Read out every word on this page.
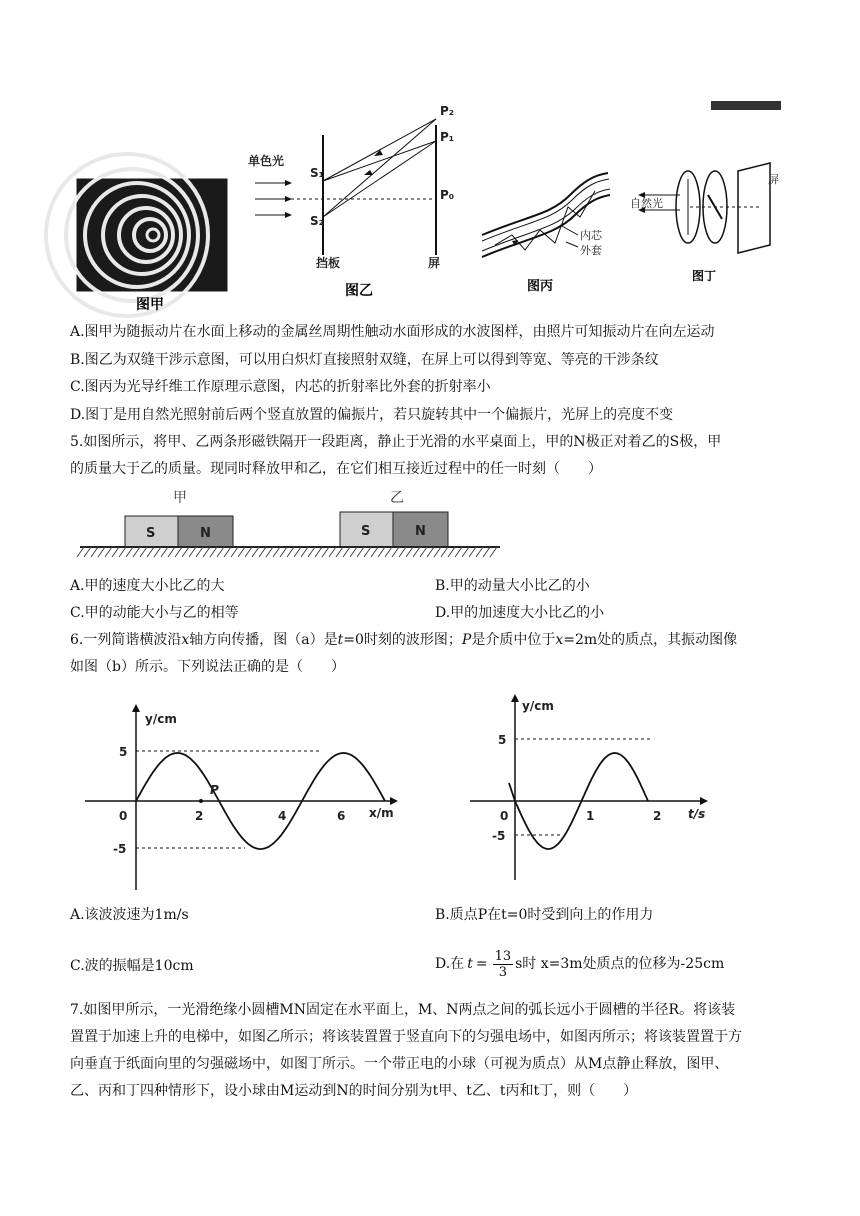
单色光
S₁
S₂
P₂
P₁
P₀
挡板	屏
内芯
外套
自然光
屏
图甲
图乙	图丙
图丁
A.图甲为随振动片在水面上移动的金属丝周期性触动水面形成的水波图样，由照片可知振动片在向左运动
B.图乙为双缝干涉示意图，可以用白炽灯直接照射双缝，在屏上可以得到等宽、等亮的干涉条纹
C.图丙为光导纤维工作原理示意图，内芯的折射率比外套的折射率小
D.图丁是用自然光照射前后两个竖直放置的偏振片，若只旋转其中一个偏振片，光屏上的亮度不变
5.如图所示，将甲、乙两条形磁铁隔开一段距离，静止于光滑的水平桌面上，甲的N极正对着乙的S极，甲
的质量大于乙的质量。现同时释放甲和乙，在它们相互接近过程中的任一时刻（　　）
甲	乙
S	N	S	N
A.甲的速度大小比乙的大	B.甲的动量大小比乙的小
C.甲的动能大小与乙的相等	D.甲的加速度大小比乙的小
6.一列简谐横波沿x轴方向传播，图（a）是t=0时刻的波形图；P是介质中位于x=2m处的质点，其振动图像
如图（b）所示。下列说法正确的是（　　）
y/cm
x/m
5
-5
0	2	4	6
P
y/cm
t/s
5
-5
0	1	2
A.该波波速为1m/s	B.质点P在t=0时受到向上的作用力
C.波的振幅是10cm	D.在 $t = \frac{13}{3}$ s时 x=3m处质点的位移为-25cm
7.如图甲所示，一光滑绝缘小圆槽MN固定在水平面上，M、N两点之间的弧长远小于圆槽的半径R。将该装
置置于加速上升的电梯中，如图乙所示；将该装置置于竖直向下的匀强电场中，如图丙所示；将该装置置于方
向垂直于纸面向里的匀强磁场中，如图丁所示。一个带正电的小球（可视为质点）从M点静止释放，图甲、
乙、丙和丁四种情形下，设小球由M运动到N的时间分别为t甲、t乙、t丙和t丁，则（　　）
